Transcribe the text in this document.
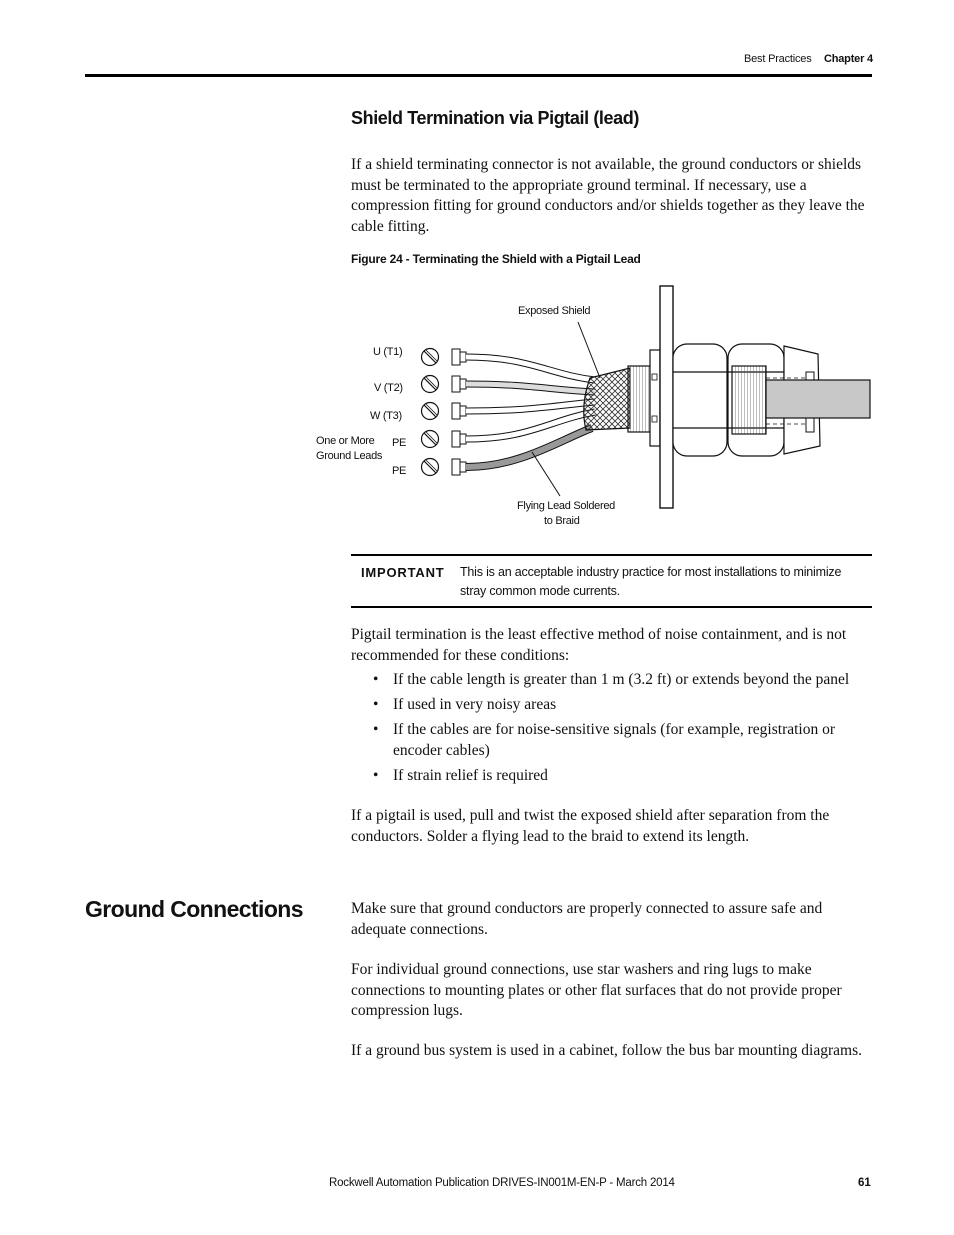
Best Practices Chapter 4
Shield Termination via Pigtail (lead)

If a shield terminating connector is not available, the ground conductors or shields must be terminated to the appropriate ground terminal. If necessary, use a compression fitting for ground conductors and/or shields together as they leave the cable fitting.

Figure 24 - Terminating the Shield with a Pigtail Lead
Exposed Shield
U (T1)
V (T2)
W (T3)
PE
PE
One or More
Ground Leads
Flying Lead Soldered
to Braid
IMPORTANT This is an acceptable industry practice for most installations to minimize stray common mode currents.

Pigtail termination is the least effective method of noise containment, and is not recommended for these conditions:

• If the cable length is greater than 1 m (3.2 ft) or extends beyond the panel
• If used in very noisy areas
• If the cables are for noise-sensitive signals (for example, registration or encoder cables)
• If strain relief is required

If a pigtail is used, pull and twist the exposed shield after separation from the conductors. Solder a flying lead to the braid to extend its length.

Ground Connections	Make sure that ground conductors are properly connected to assure safe and adequate connections.

For individual ground connections, use star washers and ring lugs to make connections to mounting plates or other flat surfaces that do not provide proper compression lugs.

If a ground bus system is used in a cabinet, follow the bus bar mounting diagrams.

Rockwell Automation Publication DRIVES-IN001M-EN-P - March 2014	61
